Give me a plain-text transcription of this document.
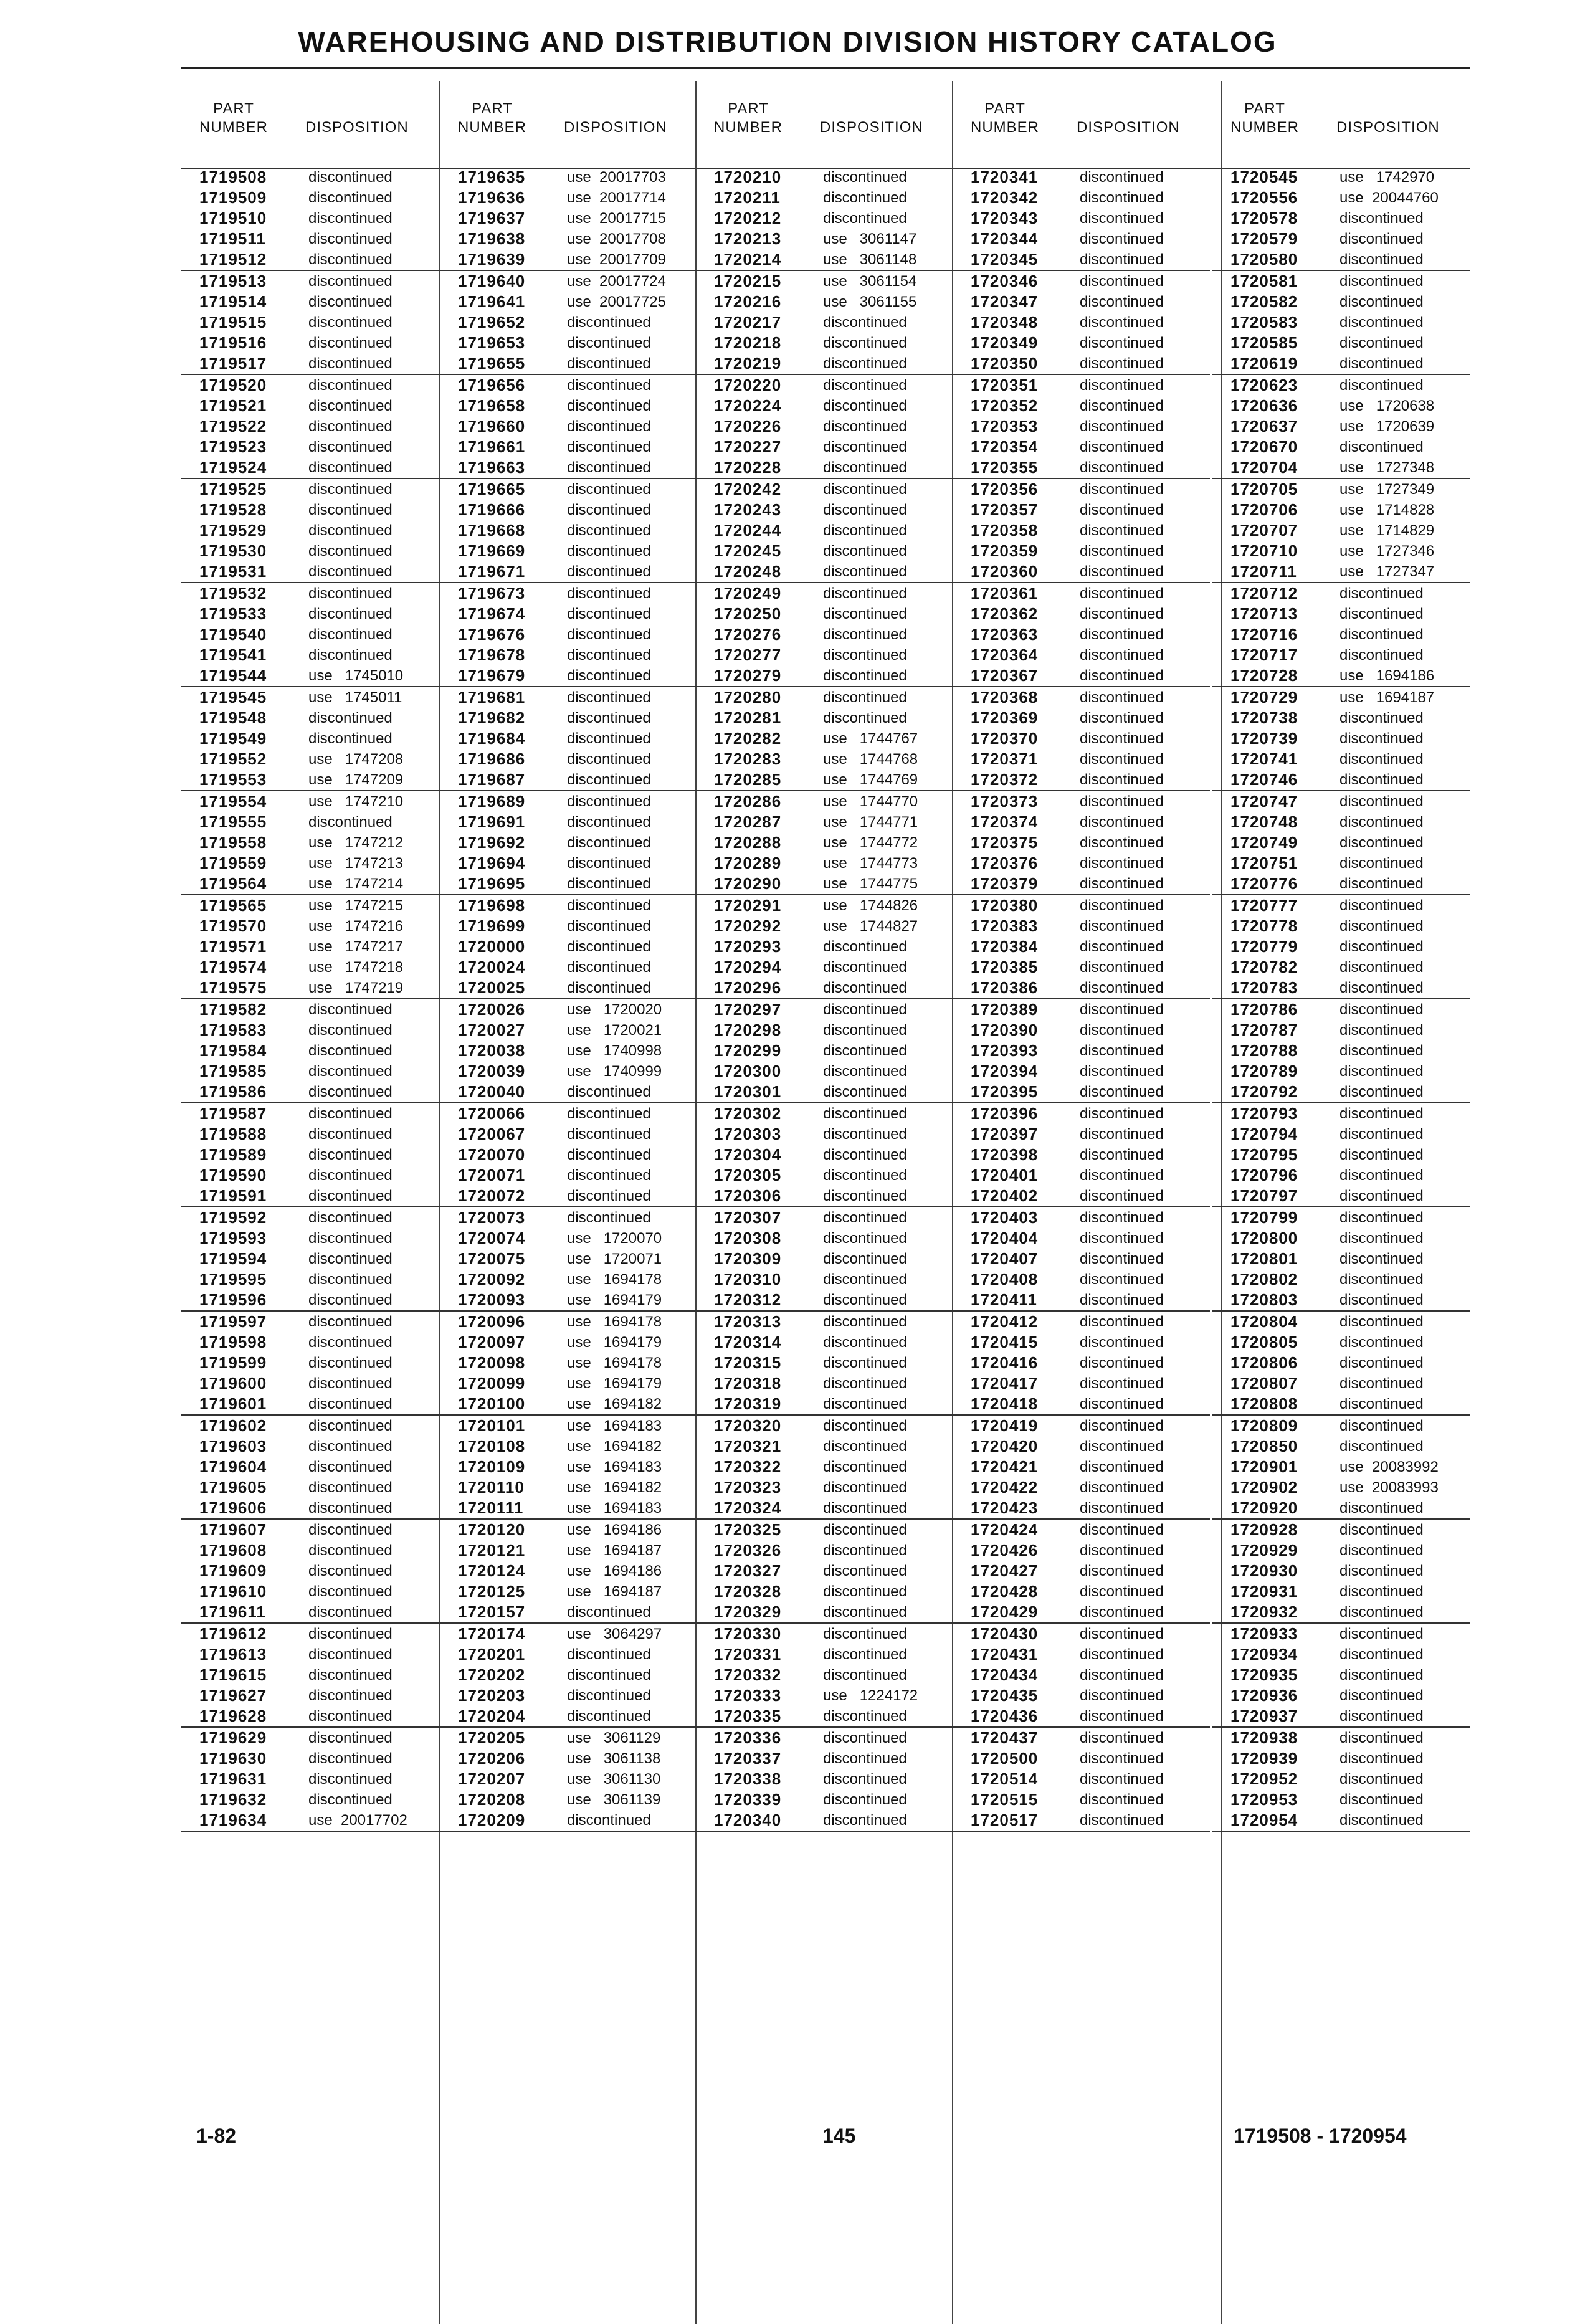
WAREHOUSING AND DISTRIBUTION DIVISION HISTORY CATALOG
PART
NUMBER DISPOSITION
1719508	discontinued
1719509	discontinued
1719510	discontinued
1719511	discontinued
1719512	discontinued
1719513	discontinued
1719514	discontinued
1719515	discontinued
1719516	discontinued
1719517	discontinued
1719520	discontinued
1719521	discontinued
1719522	discontinued
1719523	discontinued
1719524	discontinued
1719525	discontinued
1719528	discontinued
1719529	discontinued
1719530	discontinued
1719531	discontinued
1719532	discontinued
1719533	discontinued
1719540	discontinued
1719541	discontinued
1719544	use   1745010
1719545	use   1745011
1719548	discontinued
1719549	discontinued
1719552	use   1747208
1719553	use   1747209
1719554	use   1747210
1719555	discontinued
1719558	use   1747212
1719559	use   1747213
1719564	use   1747214
1719565	use   1747215
1719570	use   1747216
1719571	use   1747217
1719574	use   1747218
1719575	use   1747219
1719582	discontinued
1719583	discontinued
1719584	discontinued
1719585	discontinued
1719586	discontinued
1719587	discontinued
1719588	discontinued
1719589	discontinued
1719590	discontinued
1719591	discontinued
1719592	discontinued
1719593	discontinued
1719594	discontinued
1719595	discontinued
1719596	discontinued
1719597	discontinued
1719598	discontinued
1719599	discontinued
1719600	discontinued
1719601	discontinued
1719602	discontinued
1719603	discontinued
1719604	discontinued
1719605	discontinued
1719606	discontinued
1719607	discontinued
1719608	discontinued
1719609	discontinued
1719610	discontinued
1719611	discontinued
1719612	discontinued
1719613	discontinued
1719615	discontinued
1719627	discontinued
1719628	discontinued
1719629	discontinued
1719630	discontinued
1719631	discontinued
1719632	discontinued
1719634	use  20017702
PART
NUMBER DISPOSITION
1719635	use  20017703
1719636	use  20017714
1719637	use  20017715
1719638	use  20017708
1719639	use  20017709
1719640	use  20017724
1719641	use  20017725
1719652	discontinued
1719653	discontinued
1719655	discontinued
1719656	discontinued
1719658	discontinued
1719660	discontinued
1719661	discontinued
1719663	discontinued
1719665	discontinued
1719666	discontinued
1719668	discontinued
1719669	discontinued
1719671	discontinued
1719673	discontinued
1719674	discontinued
1719676	discontinued
1719678	discontinued
1719679	discontinued
1719681	discontinued
1719682	discontinued
1719684	discontinued
1719686	discontinued
1719687	discontinued
1719689	discontinued
1719691	discontinued
1719692	discontinued
1719694	discontinued
1719695	discontinued
1719698	discontinued
1719699	discontinued
1720000	discontinued
1720024	discontinued
1720025	discontinued
1720026	use   1720020
1720027	use   1720021
1720038	use   1740998
1720039	use   1740999
1720040	discontinued
1720066	discontinued
1720067	discontinued
1720070	discontinued
1720071	discontinued
1720072	discontinued
1720073	discontinued
1720074	use   1720070
1720075	use   1720071
1720092	use   1694178
1720093	use   1694179
1720096	use   1694178
1720097	use   1694179
1720098	use   1694178
1720099	use   1694179
1720100	use   1694182
1720101	use   1694183
1720108	use   1694182
1720109	use   1694183
1720110	use   1694182
1720111	use   1694183
1720120	use   1694186
1720121	use   1694187
1720124	use   1694186
1720125	use   1694187
1720157	discontinued
1720174	use   3064297
1720201	discontinued
1720202	discontinued
1720203	discontinued
1720204	discontinued
1720205	use   3061129
1720206	use   3061138
1720207	use   3061130
1720208	use   3061139
1720209	discontinued
PART
NUMBER DISPOSITION
1720210	discontinued
1720211	discontinued
1720212	discontinued
1720213	use   3061147
1720214	use   3061148
1720215	use   3061154
1720216	use   3061155
1720217	discontinued
1720218	discontinued
1720219	discontinued
1720220	discontinued
1720224	discontinued
1720226	discontinued
1720227	discontinued
1720228	discontinued
1720242	discontinued
1720243	discontinued
1720244	discontinued
1720245	discontinued
1720248	discontinued
1720249	discontinued
1720250	discontinued
1720276	discontinued
1720277	discontinued
1720279	discontinued
1720280	discontinued
1720281	discontinued
1720282	use   1744767
1720283	use   1744768
1720285	use   1744769
1720286	use   1744770
1720287	use   1744771
1720288	use   1744772
1720289	use   1744773
1720290	use   1744775
1720291	use   1744826
1720292	use   1744827
1720293	discontinued
1720294	discontinued
1720296	discontinued
1720297	discontinued
1720298	discontinued
1720299	discontinued
1720300	discontinued
1720301	discontinued
1720302	discontinued
1720303	discontinued
1720304	discontinued
1720305	discontinued
1720306	discontinued
1720307	discontinued
1720308	discontinued
1720309	discontinued
1720310	discontinued
1720312	discontinued
1720313	discontinued
1720314	discontinued
1720315	discontinued
1720318	discontinued
1720319	discontinued
1720320	discontinued
1720321	discontinued
1720322	discontinued
1720323	discontinued
1720324	discontinued
1720325	discontinued
1720326	discontinued
1720327	discontinued
1720328	discontinued
1720329	discontinued
1720330	discontinued
1720331	discontinued
1720332	discontinued
1720333	use   1224172
1720335	discontinued
1720336	discontinued
1720337	discontinued
1720338	discontinued
1720339	discontinued
1720340	discontinued
PART
NUMBER DISPOSITION
1720341	discontinued
1720342	discontinued
1720343	discontinued
1720344	discontinued
1720345	discontinued
1720346	discontinued
1720347	discontinued
1720348	discontinued
1720349	discontinued
1720350	discontinued
1720351	discontinued
1720352	discontinued
1720353	discontinued
1720354	discontinued
1720355	discontinued
1720356	discontinued
1720357	discontinued
1720358	discontinued
1720359	discontinued
1720360	discontinued
1720361	discontinued
1720362	discontinued
1720363	discontinued
1720364	discontinued
1720367	discontinued
1720368	discontinued
1720369	discontinued
1720370	discontinued
1720371	discontinued
1720372	discontinued
1720373	discontinued
1720374	discontinued
1720375	discontinued
1720376	discontinued
1720379	discontinued
1720380	discontinued
1720383	discontinued
1720384	discontinued
1720385	discontinued
1720386	discontinued
1720389	discontinued
1720390	discontinued
1720393	discontinued
1720394	discontinued
1720395	discontinued
1720396	discontinued
1720397	discontinued
1720398	discontinued
1720401	discontinued
1720402	discontinued
1720403	discontinued
1720404	discontinued
1720407	discontinued
1720408	discontinued
1720411	discontinued
1720412	discontinued
1720415	discontinued
1720416	discontinued
1720417	discontinued
1720418	discontinued
1720419	discontinued
1720420	discontinued
1720421	discontinued
1720422	discontinued
1720423	discontinued
1720424	discontinued
1720426	discontinued
1720427	discontinued
1720428	discontinued
1720429	discontinued
1720430	discontinued
1720431	discontinued
1720434	discontinued
1720435	discontinued
1720436	discontinued
1720437	discontinued
1720500	discontinued
1720514	discontinued
1720515	discontinued
1720517	discontinued
PART
NUMBER DISPOSITION
1720545	use   1742970
1720556	use  20044760
1720578	discontinued
1720579	discontinued
1720580	discontinued
1720581	discontinued
1720582	discontinued
1720583	discontinued
1720585	discontinued
1720619	discontinued
1720623	discontinued
1720636	use   1720638
1720637	use   1720639
1720670	discontinued
1720704	use   1727348
1720705	use   1727349
1720706	use   1714828
1720707	use   1714829
1720710	use   1727346
1720711	use   1727347
1720712	discontinued
1720713	discontinued
1720716	discontinued
1720717	discontinued
1720728	use   1694186
1720729	use   1694187
1720738	discontinued
1720739	discontinued
1720741	discontinued
1720746	discontinued
1720747	discontinued
1720748	discontinued
1720749	discontinued
1720751	discontinued
1720776	discontinued
1720777	discontinued
1720778	discontinued
1720779	discontinued
1720782	discontinued
1720783	discontinued
1720786	discontinued
1720787	discontinued
1720788	discontinued
1720789	discontinued
1720792	discontinued
1720793	discontinued
1720794	discontinued
1720795	discontinued
1720796	discontinued
1720797	discontinued
1720799	discontinued
1720800	discontinued
1720801	discontinued
1720802	discontinued
1720803	discontinued
1720804	discontinued
1720805	discontinued
1720806	discontinued
1720807	discontinued
1720808	discontinued
1720809	discontinued
1720850	discontinued
1720901	use  20083992
1720902	use  20083993
1720920	discontinued
1720928	discontinued
1720929	discontinued
1720930	discontinued
1720931	discontinued
1720932	discontinued
1720933	discontinued
1720934	discontinued
1720935	discontinued
1720936	discontinued
1720937	discontinued
1720938	discontinued
1720939	discontinued
1720952	discontinued
1720953	discontinued
1720954	discontinued
1-82	145	1719508 - 1720954
